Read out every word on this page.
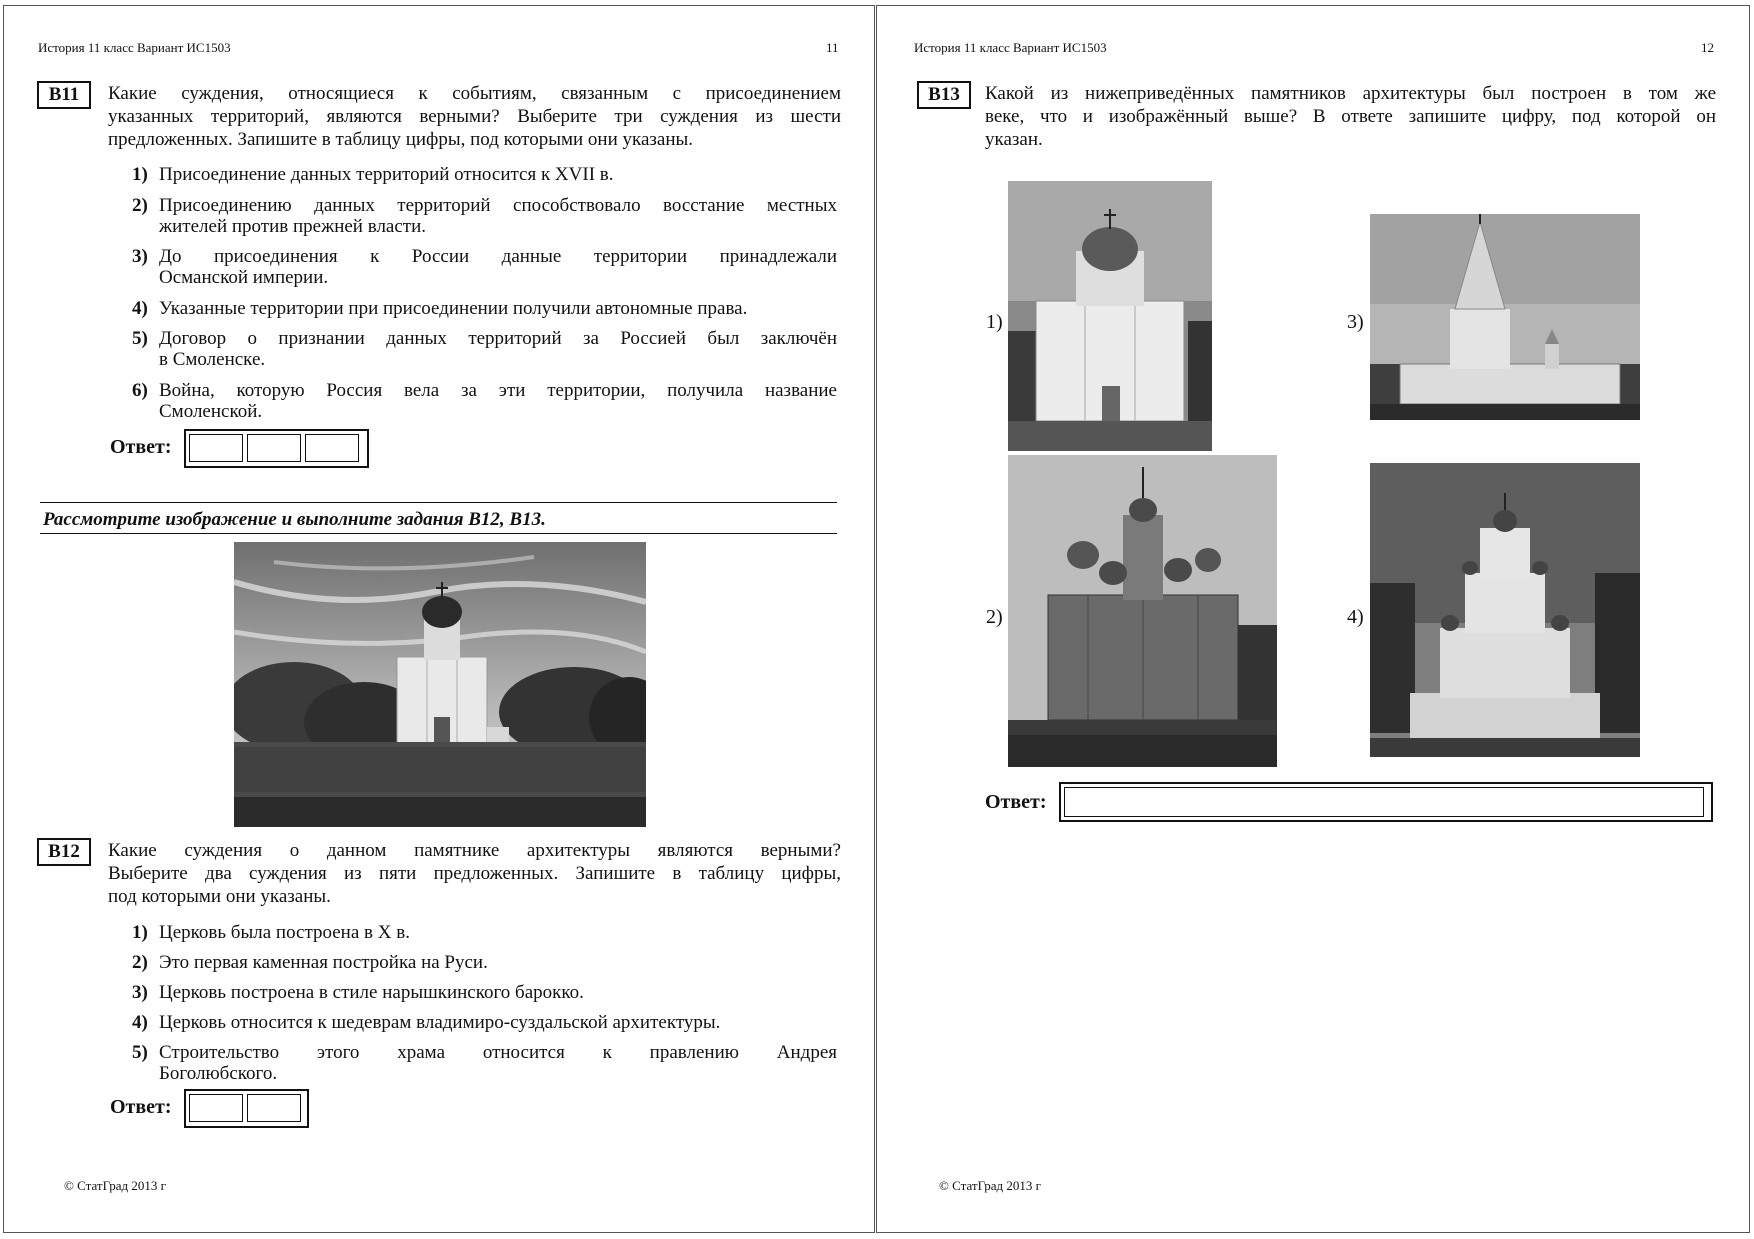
История 11 класс Вариант ИС1503	11
B11	Какие суждения, относящиеся к событиям, связанным с присоединением
указанных территорий, являются верными? Выберите три суждения из шести
предложенных. Запишите в таблицу цифры, под которыми они указаны.
1) Присоединение данных территорий относится к XVII в.
2) Присоединению данных территорий способствовало восстание местных
жителей против прежней власти.
3) До присоединения к России данные территории принадлежали
Османской империи.
4) Указанные территории при присоединении получили автономные права.
5) Договор о признании данных территорий за Россией был заключён
в Смоленске.
6) Война, которую Россия вела за эти территории, получила название
Смоленской.
Ответ:
Рассмотрите изображение и выполните задания B12, B13.
B12	Какие суждения о данном памятнике архитектуры являются верными?
Выберите два суждения из пяти предложенных. Запишите в таблицу цифры,
под которыми они указаны.
1) Церковь была построена в X в.
2) Это первая каменная постройка на Руси.
3) Церковь построена в стиле нарышкинского барокко.
4) Церковь относится к шедеврам владимиро-суздальской архитектуры.
5) Строительство этого храма относится к правлению Андрея
Боголюбского.
Ответ:
© СтатГрад 2013 г
История 11 класс Вариант ИС1503	12
B13	Какой из нижеприведённых памятников архитектуры был построен в том же
веке, что и изображённый выше? В ответе запишите цифру, под которой он
указан.
1)
2)
3)
4)
Ответ:
© СтатГрад 2013 г
